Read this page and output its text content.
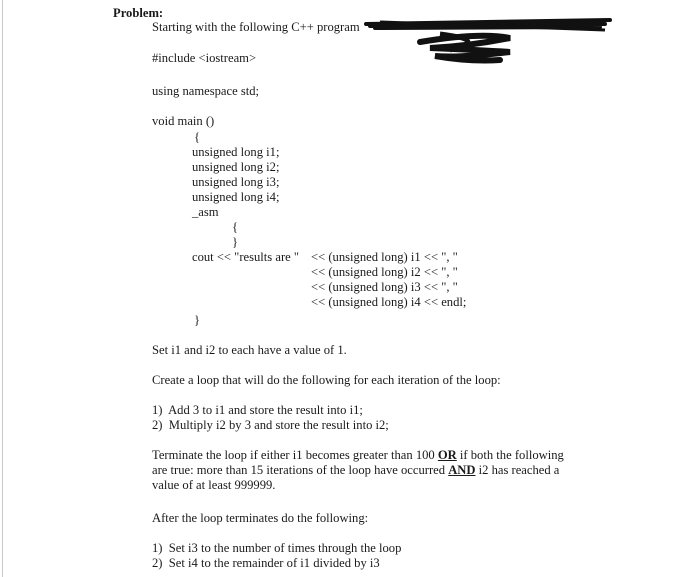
Problem:
Starting with the following C++ program
#include <iostream>
using namespace std;
void main ()
{
unsigned long i1;
unsigned long i2;
unsigned long i3;
unsigned long i4;
_asm
{
}
cout << "results are " << (unsigned long) i1 << ", "
<< (unsigned long) i2 << ", "
<< (unsigned long) i3 << ", "
<< (unsigned long) i4 << endl;
}
Set i1 and i2 to each have a value of 1.
Create a loop that will do the following for each iteration of the loop:
1)  Add 3 to i1 and store the result into i1;
2)  Multiply i2 by 3 and store the result into i2;
Terminate the loop if either i1 becomes greater than 100 OR if both the following
are true: more than 15 iterations of the loop have occurred AND i2 has reached a
value of at least 999999.
After the loop terminates do the following:
1)  Set i3 to the number of times through the loop
2)  Set i4 to the remainder of i1 divided by i3
